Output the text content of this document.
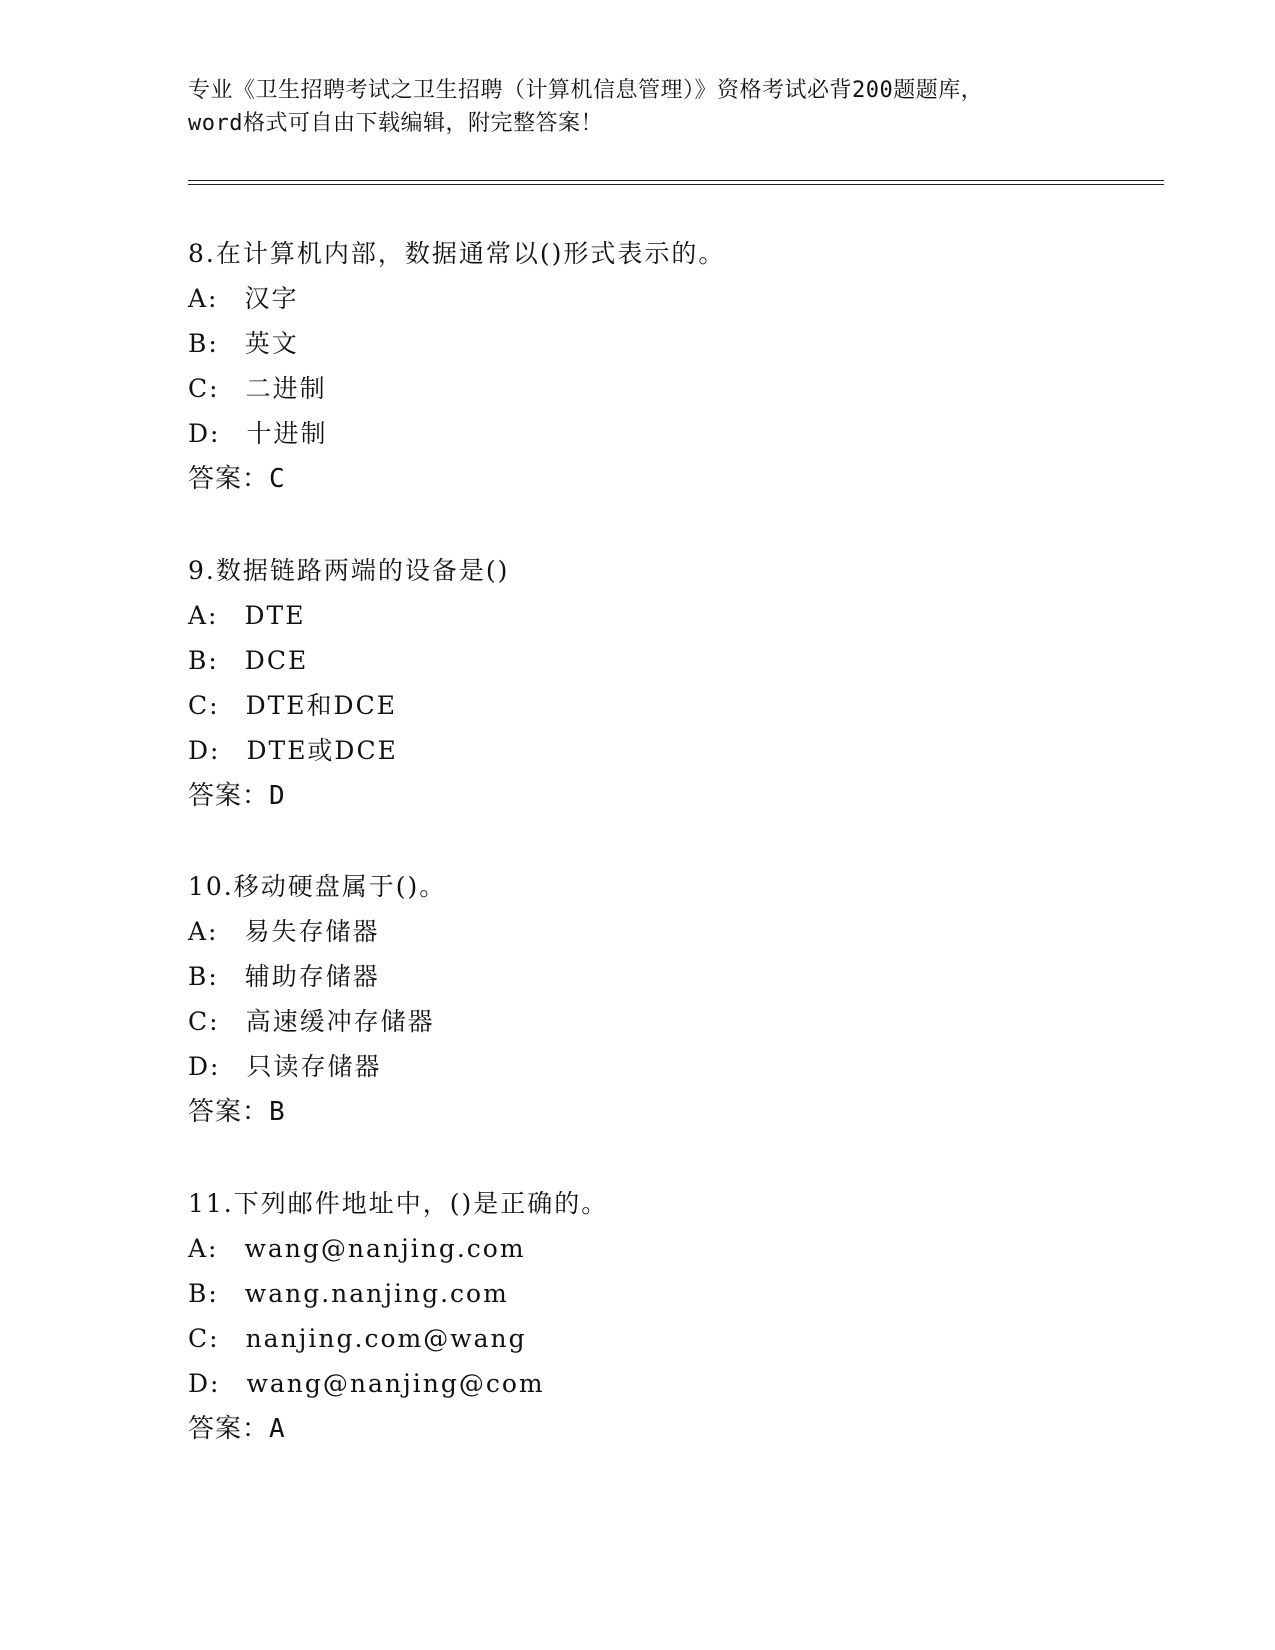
专业《卫生招聘考试之卫生招聘（计算机信息管理）》资格考试必背200题题库，
word格式可自由下载编辑，附完整答案！
8.在计算机内部，数据通常以()形式表示的。
A: 汉字
B: 英文
C: 二进制
D: 十进制
答案：C
9.数据链路两端的设备是()
A: DTE
B: DCE
C: DTE和DCE
D: DTE或DCE
答案：D
10.移动硬盘属于()。
A: 易失存储器
B: 辅助存储器
C: 高速缓冲存储器
D: 只读存储器
答案：B
11.下列邮件地址中，()是正确的。
A: wang@nanjing.com
B: wang.nanjing.com
C: nanjing.com@wang
D: wang@nanjing@com
答案：A
